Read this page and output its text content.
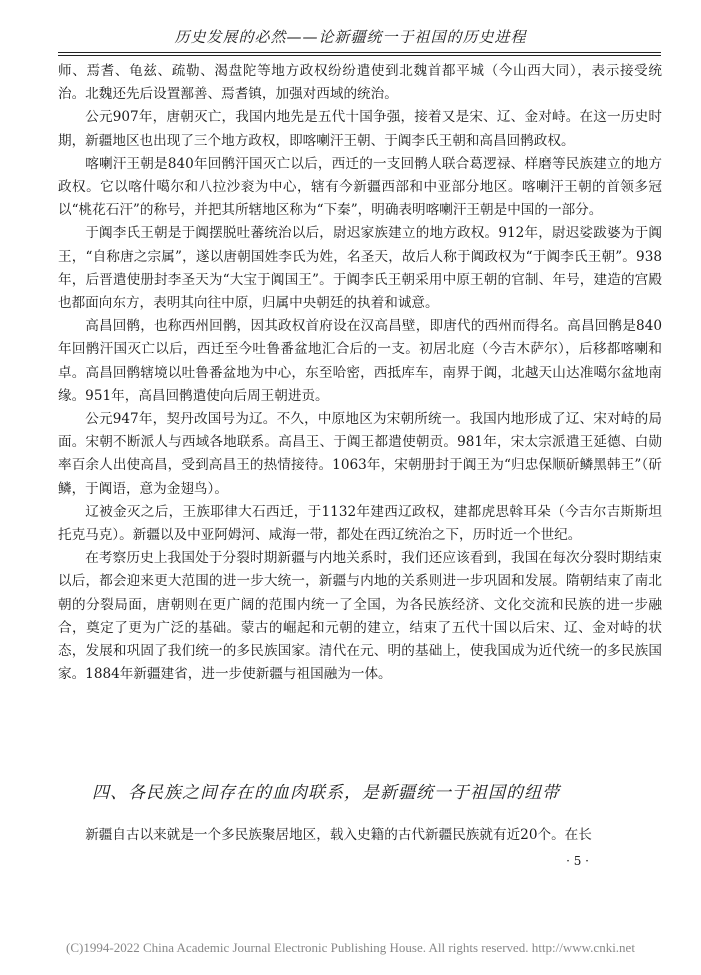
历史发展的必然——论新疆统一于祖国的历史进程

师、焉耆、龟兹、疏勒、渴盘陀等地方政权纷纷遣使到北魏首都平城（今山西大同），表示接受统治。北魏还先后设置鄯善、焉耆镇，加强对西域的统治。

公元907年，唐朝灭亡，我国内地先是五代十国争强，接着又是宋、辽、金对峙。在这一历史时期，新疆地区也出现了三个地方政权，即喀喇汗王朝、于阗李氏王朝和高昌回鹘政权。

喀喇汗王朝是840年回鹘汗国灭亡以后，西迁的一支回鹘人联合葛逻禄、样磨等民族建立的地方政权。它以喀什噶尔和八拉沙衮为中心，辖有今新疆西部和中亚部分地区。喀喇汗王朝的首领多冠以“桃花石汗”的称号，并把其所辖地区称为“下秦”，明确表明喀喇汗王朝是中国的一部分。

于阗李氏王朝是于阗摆脱吐蕃统治以后，尉迟家族建立的地方政权。912年，尉迟娑跋婆为于阗王，“自称唐之宗属”，遂以唐朝国姓李氏为姓，名圣天，故后人称于阗政权为“于阗李氏王朝”。938年，后晋遣使册封李圣天为“大宝于阗国王”。于阗李氏王朝采用中原王朝的官制、年号，建造的宫殿也都面向东方，表明其向往中原，归属中央朝廷的执着和诚意。

高昌回鹘，也称西州回鹘，因其政权首府设在汉高昌壁，即唐代的西州而得名。高昌回鹘是840年回鹘汗国灭亡以后，西迁至今吐鲁番盆地汇合后的一支。初居北庭（今吉木萨尔），后移都喀喇和卓。高昌回鹘辖境以吐鲁番盆地为中心，东至哈密，西抵库车，南界于阗，北越天山达准噶尔盆地南缘。951年，高昌回鹘遣使向后周王朝进贡。

公元947年，契丹改国号为辽。不久，中原地区为宋朝所统一。我国内地形成了辽、宋对峙的局面。宋朝不断派人与西域各地联系。高昌王、于阗王都遣使朝贡。981年，宋太宗派遣王延德、白勋率百余人出使高昌，受到高昌王的热情接待。1063年，宋朝册封于阗王为“归忠保顺斫鳞黑韩王”（斫鳞，于阗语，意为金翅鸟）。

辽被金灭之后，王族耶律大石西迁，于1132年建西辽政权，建都虎思斡耳朵（今吉尔吉斯斯坦托克马克）。新疆以及中亚阿姆河、咸海一带，都处在西辽统治之下，历时近一个世纪。

在考察历史上我国处于分裂时期新疆与内地关系时，我们还应该看到，我国在每次分裂时期结束以后，都会迎来更大范围的进一步大统一，新疆与内地的关系则进一步巩固和发展。隋朝结束了南北朝的分裂局面，唐朝则在更广阔的范围内统一了全国，为各民族经济、文化交流和民族的进一步融合，奠定了更为广泛的基础。蒙古的崛起和元朝的建立，结束了五代十国以后宋、辽、金对峙的状态，发展和巩固了我们统一的多民族国家。清代在元、明的基础上，使我国成为近代统一的多民族国家。1884年新疆建省，进一步使新疆与祖国融为一体。

四、各民族之间存在的血肉联系，是新疆统一于祖国的纽带
新疆自古以来就是一个多民族聚居地区，载入史籍的古代新疆民族就有近20个。在长
· 5 ·
(C)1994-2022 China Academic Journal Electronic Publishing House. All rights reserved. http://www.cnki.net
